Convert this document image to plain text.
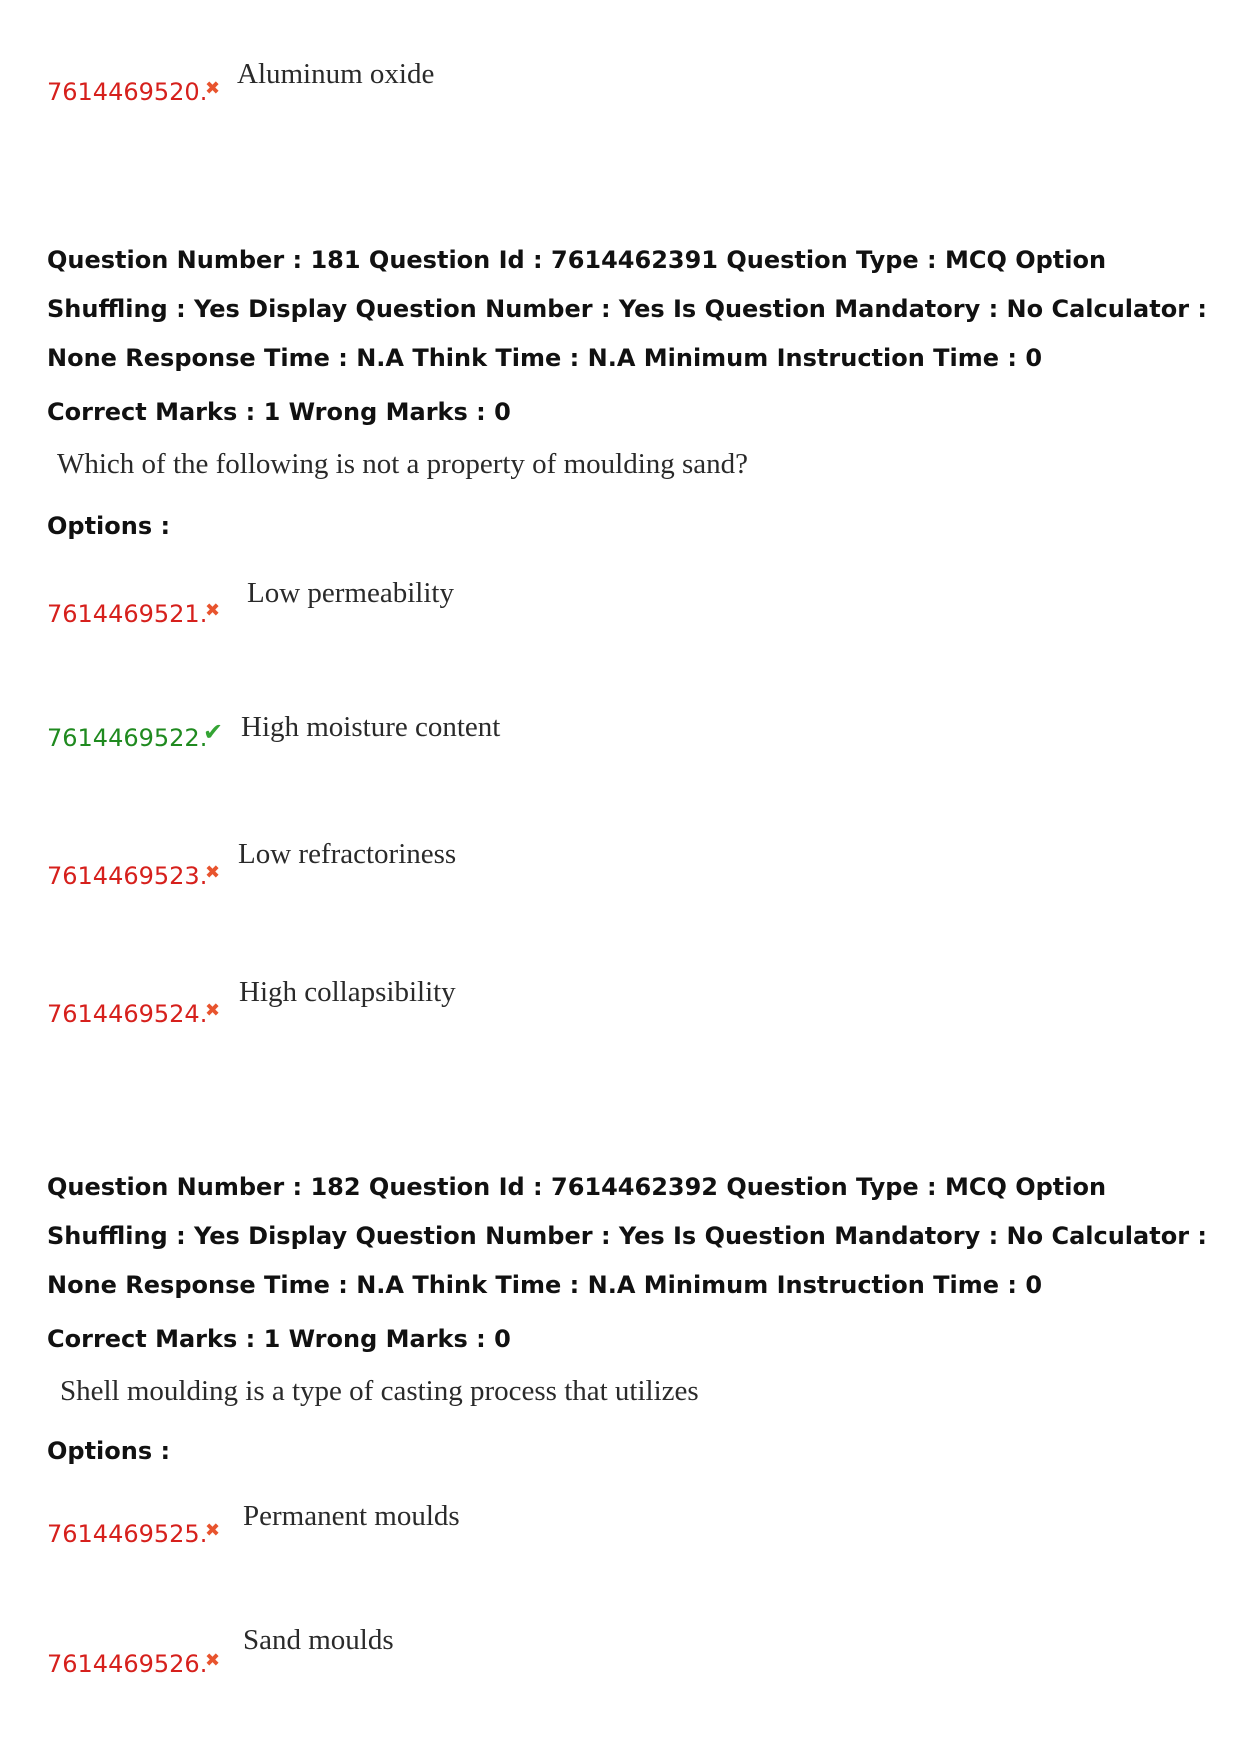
7614469520.
✖ Aluminum oxide
Question Number : 181 Question Id : 7614462391 Question Type : MCQ Option Shuffling : Yes Display Question Number : Yes Is Question Mandatory : No Calculator : None Response Time : N.A Think Time : N.A Minimum Instruction Time : 0
Correct Marks : 1 Wrong Marks : 0
Which of the following is not a property of moulding sand?
Options :
7614469521.
✖
Low permeability
7614469522.
✔ High moisture content
7614469523.
✖
Low refractoriness
7614469524.
✖
High collapsibility
Question Number : 182 Question Id : 7614462392 Question Type : MCQ Option Shuffling : Yes Display Question Number : Yes Is Question Mandatory : No Calculator : None Response Time : N.A Think Time : N.A Minimum Instruction Time : 0
Correct Marks : 1 Wrong Marks : 0
Shell moulding is a type of casting process that utilizes
Options :
7614469525.
✖ Permanent moulds
7614469526.
✖
Sand moulds
